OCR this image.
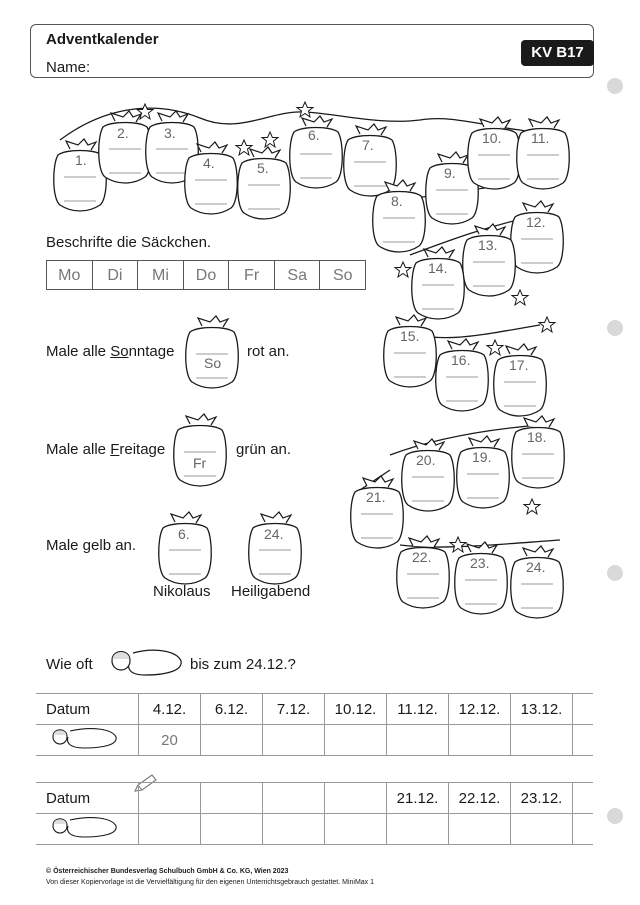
Adventkalender
Name:
KV B17
1.
2.	3.
4.	5.
6.
7.
8.
9.
10. 11.
12.
13.
14.
15.
16.	17.
18.
19.
20.
21.
22.	23.	24.
Beschrifte die Säckchen.
Mo	Di	Mi	Do	Fr	Sa	So
Male alle Sonntage
So
rot an.
Male alle Freitage
Fr
grün an.
Male gelb an.
6.	24.
Nikolaus Heiligabend
Wie oft	bis zum 24.12.?
Datum	4.12.	6.12.	7.12.	10.12.	11.12.	12.12.	13.12.	
	20							
Datum					21.12.	22.12.	23.12.	

© Österreichischer Bundesverlag Schulbuch GmbH & Co. KG, Wien 2023
Von dieser Kopiervorlage ist die Vervielfältigung für den eigenen Unterrichtsgebrauch gestattet. MiniMax 1
